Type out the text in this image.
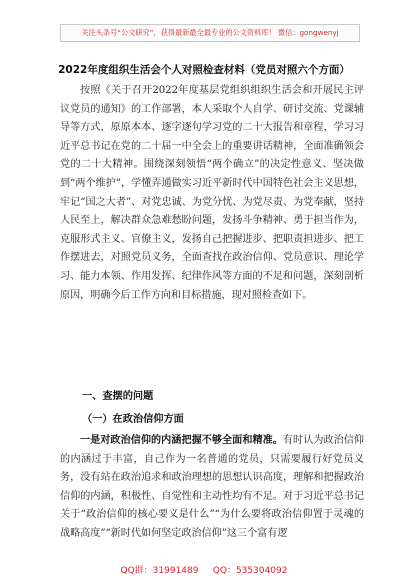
关注头条号“公文研究”，获得最新最全最专业的公文资料库！ 微信：gongwenyj
2022年度组织生活会个人对照检查材料（党员对照六个方面）

按照《关于召开2022年度基层党组织组织生活会和开展民主评议党员的通知》的工作部署，本人采取个人自学、研讨交流、党课辅导等方式，原原本本、逐字逐句学习党的二十大报告和章程，学习习近平总书记在党的二十届一中全会上的重要讲话精神，全面准确领会党的二十大精神。围绕深刻领悟“两个确立”的决定性意义、坚决做到“两个维护”，学懂弄通做实习近平新时代中国特色社会主义思想，牢记“国之大者”、对党忠诚、为党分忧、为党尽责、为党奉献，坚持人民至上，解决群众急难愁盼问题，发扬斗争精神、勇于担当作为，克服形式主义、官僚主义，发扬自己把握进步、把职责担进步、把工作摆进去，对照党员义务，全面查找在政治信仰、党员意识、理论学习、能力本领、作用发挥、纪律作风等方面的不足和问题，深刻剖析原因，明确今后工作方向和目标措施，现对照检查如下。

一、查摆的问题
（一）在政治信仰方面

一是对政治信仰的内涵把握不够全面和精准。有时认为政治信仰的内涵过于丰富，自己作为一名普通的党员，只需要履行好党员义务，没有站在政治追求和政治理想的思想认识高度，理解和把握政治信仰的内涵，积极性、自觉性和主动性均有不足。对于习近平总书记关于“政治信仰的核心要义是什么”“为什么要将政治信仰置于灵魂的战略高度”“新时代如何坚定政治信仰”这三个富有逻

QQ群：31991489     QQ：535304092
